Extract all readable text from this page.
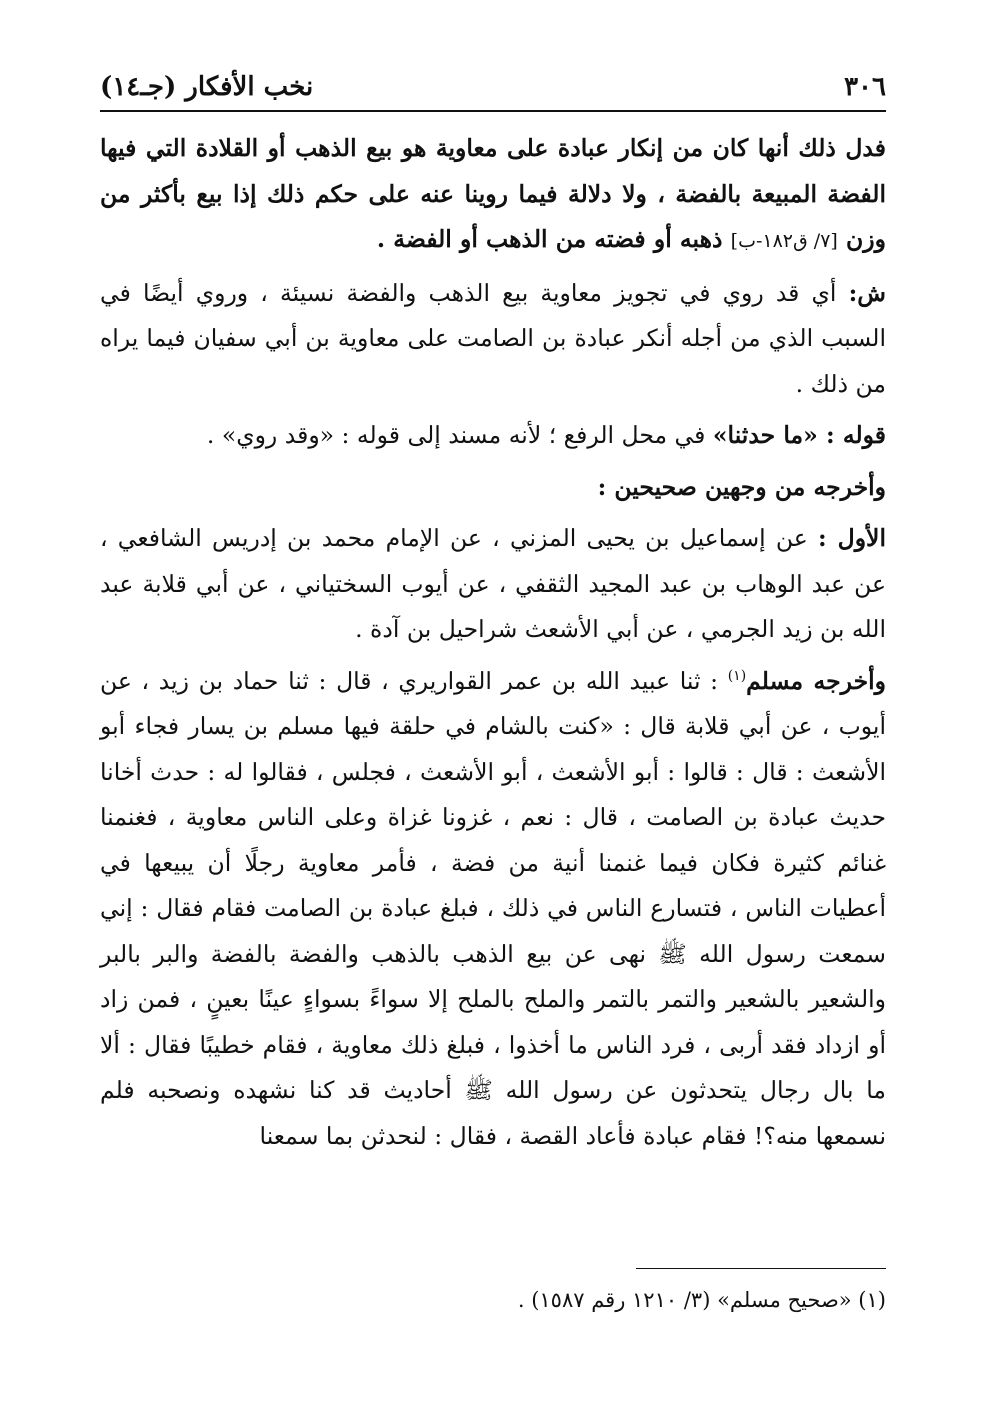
٣٠٦
نخب الأفكار (جـ١٤)

فدل ذلك أنها كان من إنكار عبادة على معاوية هو بيع الذهب أو القلادة التي فيها الفضة المبيعة بالفضة ، ولا دلالة فيما روينا عنه على حكم ذلك إذا بيع بأكثر من وزن [٧/ ق١٨٢-ب] ذهبه أو فضته من الذهب أو الفضة .

ش: أي قد روي في تجويز معاوية بيع الذهب والفضة نسيئة ، وروي أيضًا في السبب الذي من أجله أنكر عبادة بن الصامت على معاوية بن أبي سفيان فيما يراه من ذلك .

قوله : «ما حدثنا» في محل الرفع ؛ لأنه مسند إلى قوله : «وقد روي» .

وأخرجه من وجهين صحيحين :

الأول : عن إسماعيل بن يحيى المزني ، عن الإمام محمد بن إدريس الشافعي ، عن عبد الوهاب بن عبد المجيد الثقفي ، عن أيوب السختياني ، عن أبي قلابة عبد الله بن زيد الجرمي ، عن أبي الأشعث شراحيل بن آدة .

وأخرجه مسلم$^{(١)}$ : ثنا عبيد الله بن عمر القواريري ، قال : ثنا حماد بن زيد ، عن أيوب ، عن أبي قلابة قال : «كنت بالشام في حلقة فيها مسلم بن يسار فجاء أبو الأشعث : قال : قالوا : أبو الأشعث ، أبو الأشعث ، فجلس ، فقالوا له : حدث أخانا حديث عبادة بن الصامت ، قال : نعم ، غزونا غزاة وعلى الناس معاوية ، فغنمنا غنائم كثيرة فكان فيما غنمنا أنية من فضة ، فأمر معاوية رجلًا أن يبيعها في أعطيات الناس ، فتسارع الناس في ذلك ، فبلغ عبادة بن الصامت فقام فقال : إني سمعت رسول الله ﷺ نهى عن بيع الذهب بالذهب والفضة بالفضة والبر بالبر والشعير بالشعير والتمر بالتمر والملح بالملح إلا سواءً بسواءٍ عينًا بعينٍ ، فمن زاد أو ازداد فقد أربى ، فرد الناس ما أخذوا ، فبلغ ذلك معاوية ، فقام خطيبًا فقال : ألا ما بال رجال يتحدثون عن رسول الله ﷺ أحاديث قد كنا نشهده ونصحبه فلم نسمعها منه؟! فقام عبادة فأعاد القصة ، فقال : لنحدثن بما سمعنا

(١) «صحيح مسلم» (٣/ ١٢١٠ رقم ١٥٨٧) .
